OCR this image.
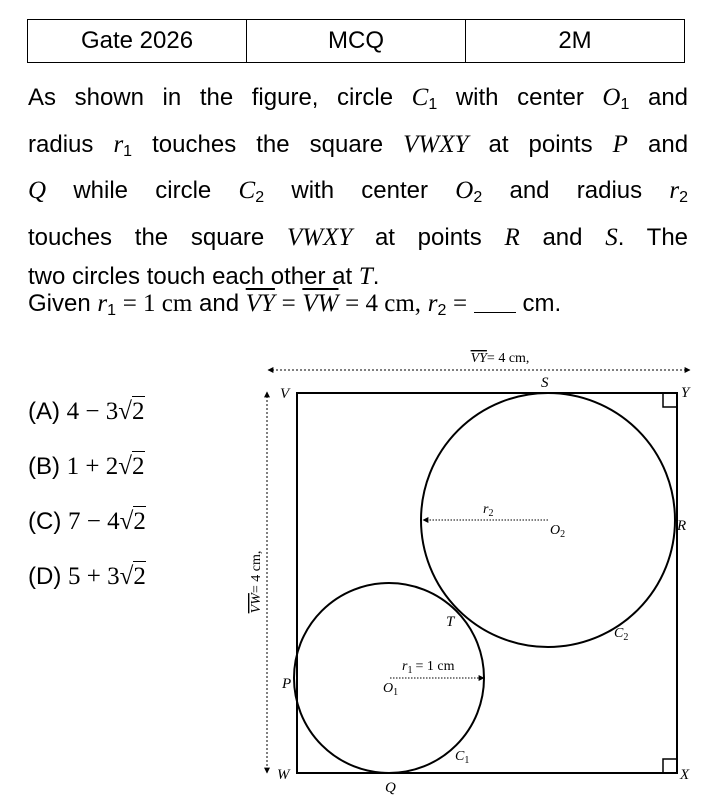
Gate 2026	MCQ	2M
As shown in the figure, circle $C_1$ with center $O_1$ and
radius $r_1$ touches the square VWXY at points P and
Q while circle $C_2$ with center $O_2$ and radius $r_2$
touches the square VWXY at points R and S. The
two circles touch each other at T.
Given $r_1 = 1$ cm and $\overline{VY} = \overline{VW} = 4$ cm, $r_2$ = cm.
(A) 4 − 3√2
(B) 1 + 2√2
(C) 7 − 4√2
(D) 5 + 3√2
VY= 4 cm,
VW= 4 cm,
V	Y
W	X
S
R
P
Q
T
$O_2$
$O_1$
$C_2$
$C_1$
$r_2$
$r_1 = 1$ cm
